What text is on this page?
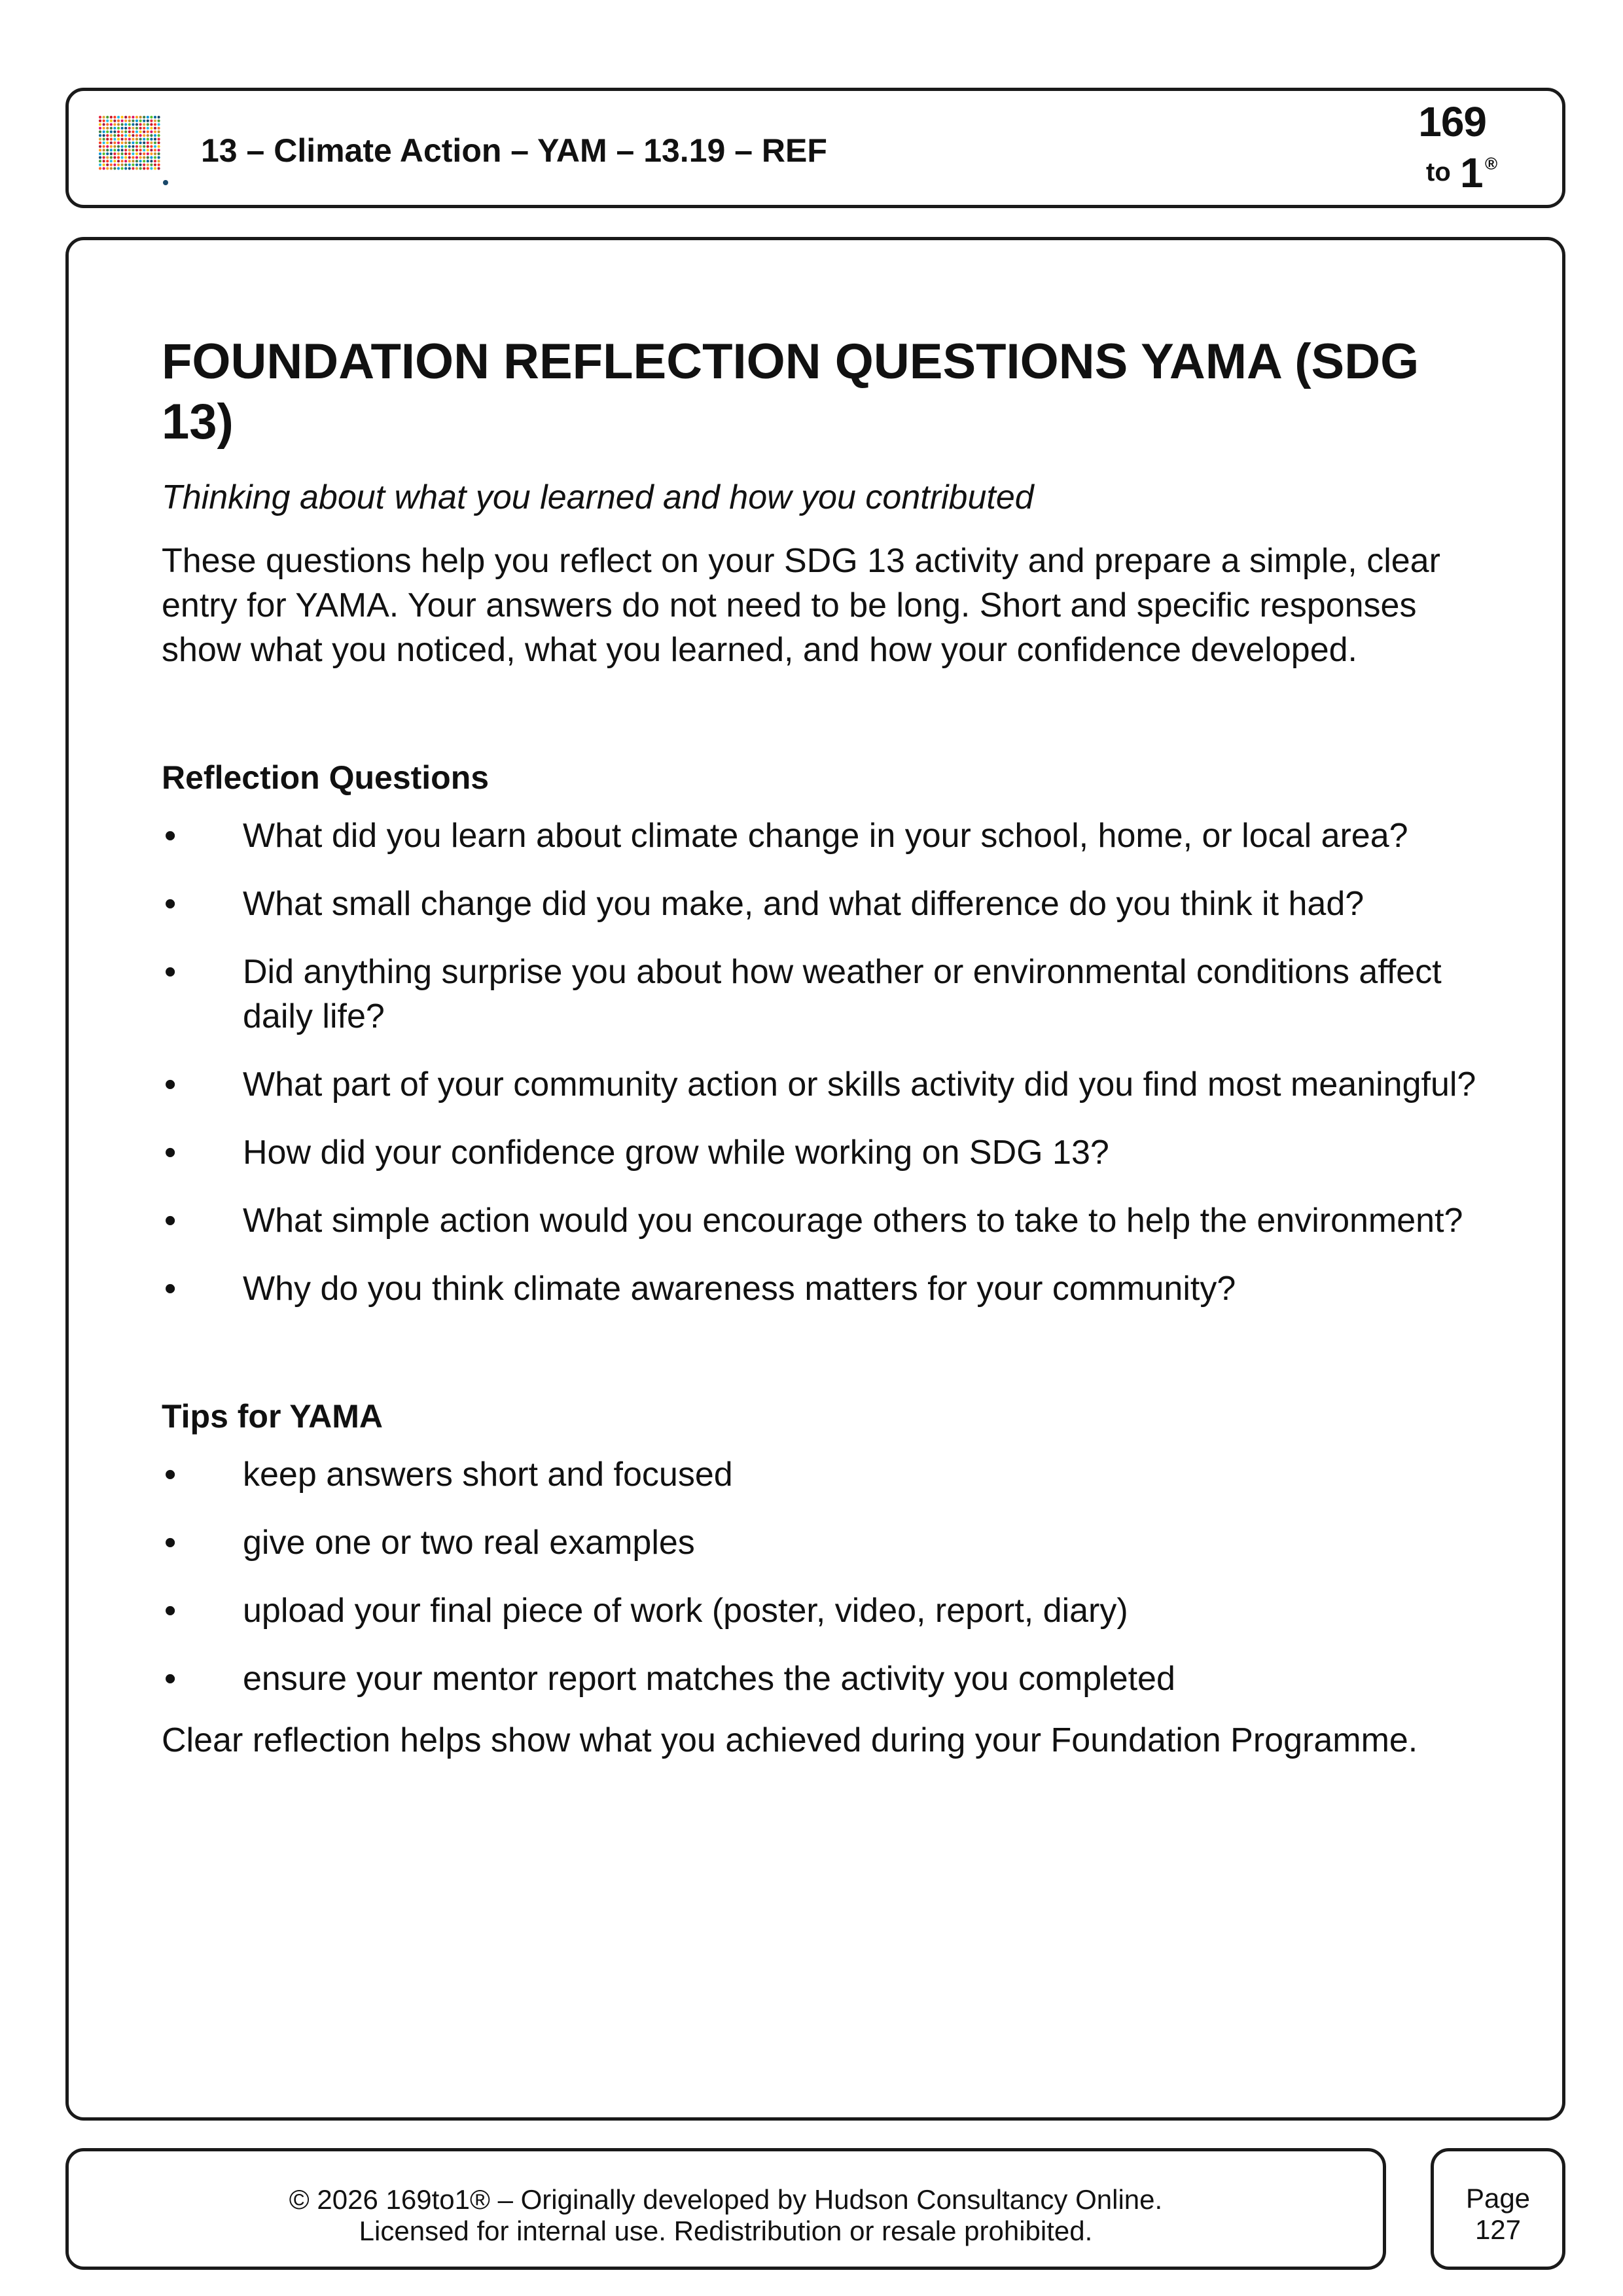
13 – Climate Action – YAM – 13.19 – REF
169
to 1 ®
FOUNDATION REFLECTION QUESTIONS YAMA (SDG 13)
Thinking about what you learned and how you contributed
These questions help you reflect on your SDG 13 activity and prepare a simple, clear entry for YAMA. Your answers do not need to be long. Short and specific responses show what you noticed, what you learned, and how your confidence developed.
Reflection Questions
• What did you learn about climate change in your school, home, or local area?
• What small change did you make, and what difference do you think it had?
• Did anything surprise you about how weather or environmental conditions affect daily life?
• What part of your community action or skills activity did you find most meaningful?
• How did your confidence grow while working on SDG 13?
• What simple action would you encourage others to take to help the environment?
• Why do you think climate awareness matters for your community?
Tips for YAMA
• keep answers short and focused
• give one or two real examples
• upload your final piece of work (poster, video, report, diary)
• ensure your mentor report matches the activity you completed
Clear reflection helps show what you achieved during your Foundation Programme.
© 2026 169to1® – Originally developed by Hudson Consultancy Online.
Licensed for internal use. Redistribution or resale prohibited.
Page
127
